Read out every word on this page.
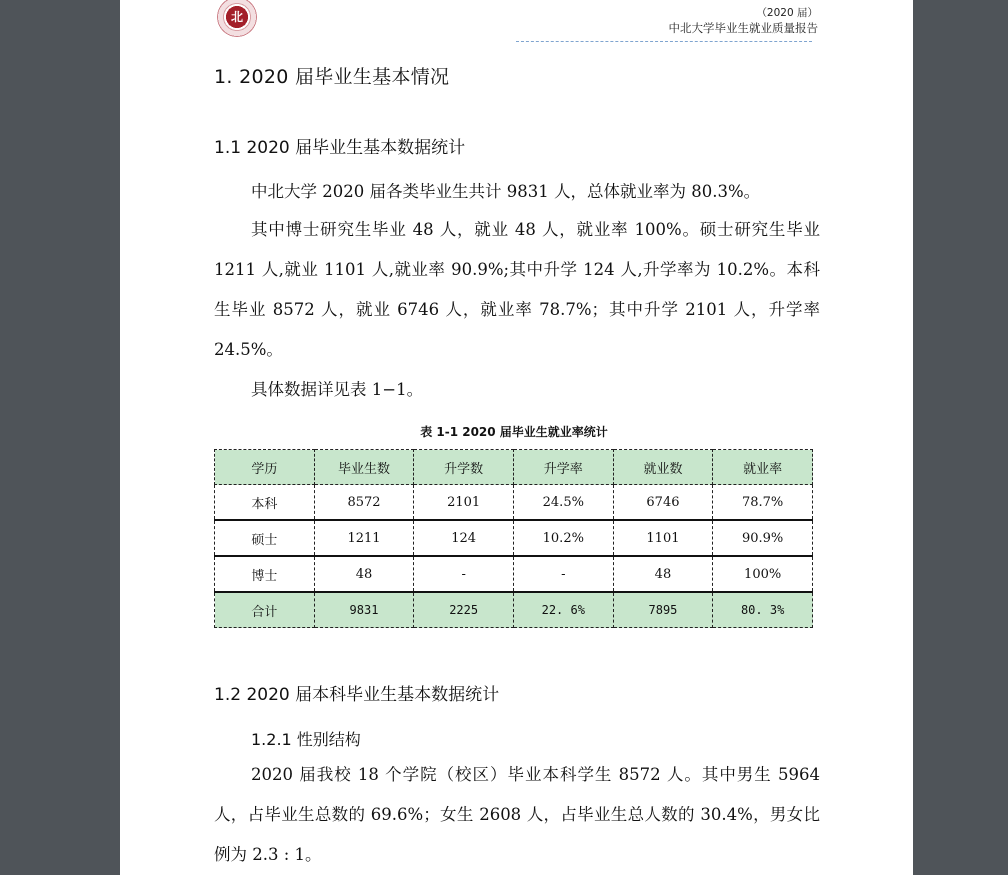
北	（2020 届）
中北大学毕业生就业质量报告
1. 2020 届毕业生基本情况
1.1 2020 届毕业生基本数据统计

中北大学 2020 届各类毕业生共计 9831 人，总体就业率为 80.3%。

其中博士研究生毕业 48 人，就业 48 人，就业率 100%。硕士研究生毕业 1211 人,就业 1101 人,就业率 90.9%;其中升学 124 人,升学率为 10.2%。本科生毕业 8572 人，就业 6746 人，就业率 78.7%；其中升学 2101 人，升学率 24.5%。

具体数据详见表 1−1。

表 1-1 2020 届毕业生就业率统计
学历	毕业生数	升学数	升学率	就业数	就业率
本科	8572	2101	24.5%	6746	78.7%
硕士	1211	124	10.2%	1101	90.9%
博士	48	-	-	48	100%
合计	9831	2225	22. 6%	7895	80. 3%
1.2 2020 届本科毕业生基本数据统计
1.2.1 性别结构

2020 届我校 18 个学院（校区）毕业本科学生 8572 人。其中男生 5964 人，占毕业生总数的 69.6%；女生 2608 人，占毕业生总人数的 30.4%，男女比例为 2.3 : 1。
